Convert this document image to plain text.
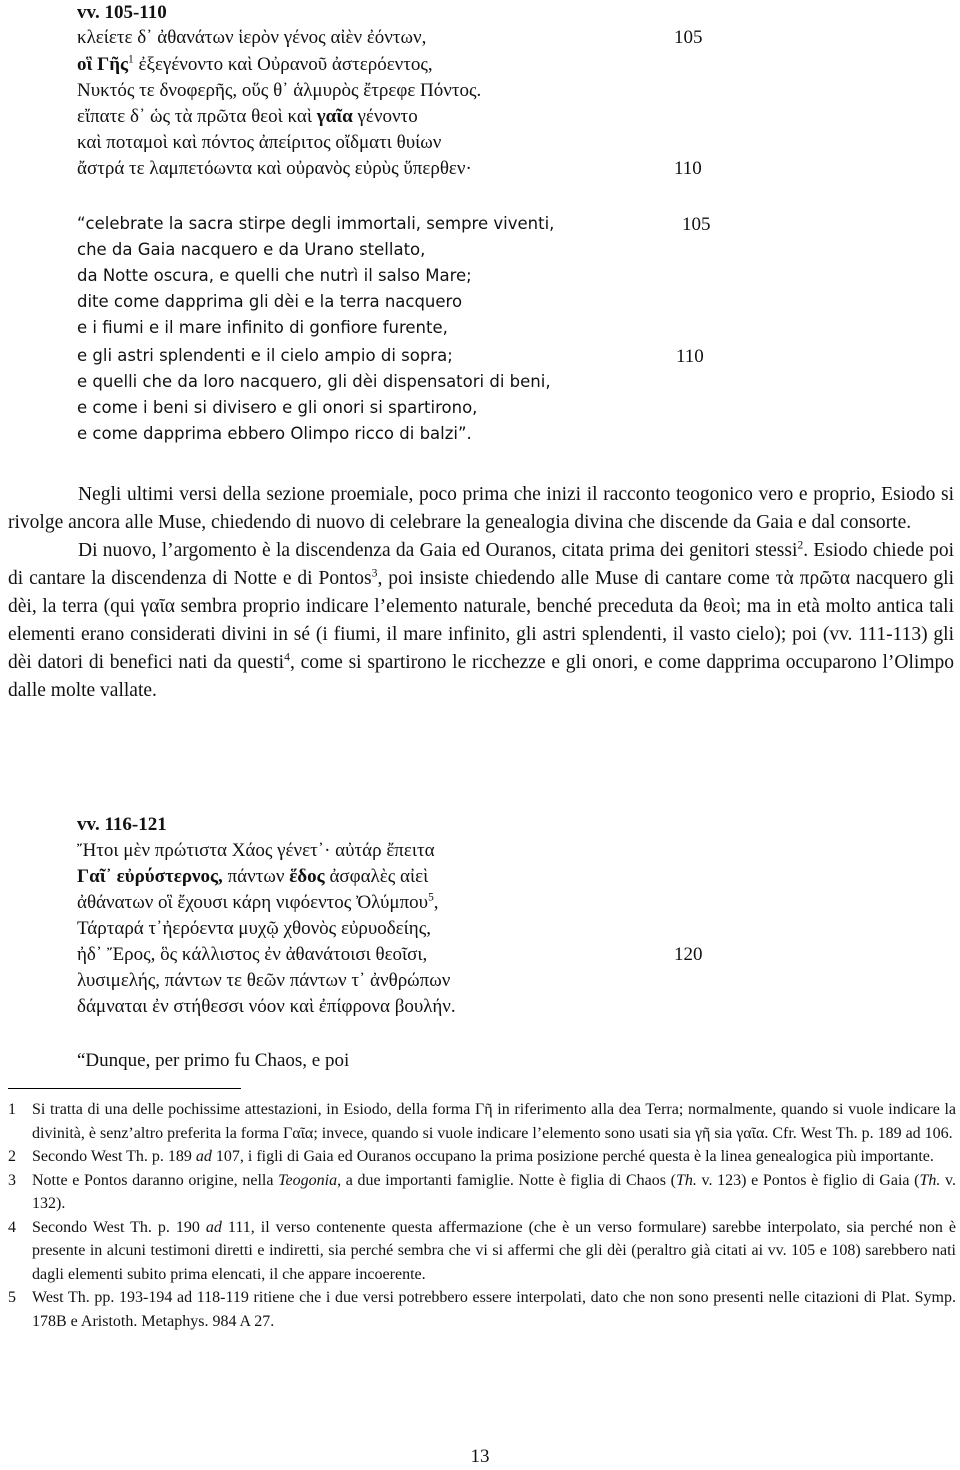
vv. 105-110
κλείετε δ᾽ ἀθανάτων ἱερὸν γένος αἰὲν ἐόντων,
οἳ Γῆς$^1$ ἐξεγένοντο καὶ Οὐρανοῦ ἀστερόεντος,
Νυκτός τε δνοφερῆς, οὕς θ᾽ ἁλμυρὸς ἔτρεφε Πόντος.
εἴπατε δ᾽ ὡς τὰ πρῶτα θεοὶ καὶ γαῖα γένοντο
καὶ ποταμοὶ καὶ πόντος ἀπείριτος οἴδματι θυίων
ἄστρά τε λαμπετόωντα καὶ οὐρανὸς εὐρὺς ὕπερθεν·
105
110
“celebrate la sacra stirpe degli immortali, sempre viventi,
che da Gaia nacquero e da Urano stellato,
da Notte oscura, e quelli che nutrì il salso Mare;
dite come dapprima gli dèi e la terra nacquero
e i fiumi e il mare infinito di gonfiore furente,
e gli astri splendenti e il cielo ampio di sopra;
e quelli che da loro nacquero, gli dèi dispensatori di beni,
e come i beni si divisero e gli onori si spartirono,
e come dapprima ebbero Olimpo ricco di balzi”.
105
110

Negli ultimi versi della sezione proemiale, poco prima che inizi il racconto teogonico vero e proprio, Esiodo si rivolge ancora alle Muse, chiedendo di nuovo di celebrare la genealogia divina che discende da Gaia e dal consorte.

Di nuovo, l’argomento è la discendenza da Gaia ed Ouranos, citata prima dei genitori stessi$^2$. Esiodo chiede poi di cantare la discendenza di Notte e di Pontos$^3$, poi insiste chiedendo alle Muse di cantare come τὰ πρῶτα nacquero gli dèi, la terra (qui γαῖα sembra proprio indicare l’elemento naturale, benché preceduta da θεοὶ; ma in età molto antica tali elementi erano considerati divini in sé (i fiumi, il mare infinito, gli astri splendenti, il vasto cielo); poi (vv. 111-113) gli dèi datori di benefici nati da questi$^4$, come si spartirono le ricchezze e gli onori, e come dapprima occuparono l’Olimpo dalle molte vallate.

vv. 116-121
Ἤτοι μὲν πρώτιστα Χάος γένετ᾽· αὐτάρ ἔπειτα
Γαῖ᾽ εὐρύστερνος, πάντων ἕδος ἀσφαλὲς αἰεὶ
ἀθάνατων οἳ ἔχουσι κάρη νιφόεντος Ὀλύμπου$^5$,
Τάρταρά τ᾽ἠερόεντα μυχῷ χθονὸς εὐρυοδείης,
ἠδ᾽ Ἔρος, ὃς κάλλιστος ἐν ἀθανάτοισι θεοῖσι,
λυσιμελής, πάντων τε θεῶν πάντων τ᾽ ἀνθρώπων
δάμναται ἐν στήθεσσι νόον καὶ ἐπίφρονα βουλήν.
120
“Dunque, per primo fu Chaos, e poi
1	Si tratta di una delle pochissime attestazioni, in Esiodo, della forma Γῆ in riferimento alla dea Terra; normalmente, quando si vuole indicare la divinità, è senz’altro preferita la forma Γαῖα; invece, quando si vuole indicare l’elemento sono usati sia γῆ sia γαῖα. Cfr. West Th. p. 189 ad 106.
2	Secondo West Th. p. 189 ad 107, i figli di Gaia ed Ouranos occupano la prima posizione perché questa è la linea genealogica più importante.
3	Notte e Pontos daranno origine, nella Teogonia, a due importanti famiglie. Notte è figlia di Chaos (Th. v. 123) e Pontos è figlio di Gaia (Th. v. 132).
4	Secondo West Th. p. 190 ad 111, il verso contenente questa affermazione (che è un verso formulare) sarebbe interpolato, sia perché non è presente in alcuni testimoni diretti e indiretti, sia perché sembra che vi si affermi che gli dèi (peraltro già citati ai vv. 105 e 108) sarebbero nati dagli elementi subito prima elencati, il che appare incoerente.
5	West Th. pp. 193-194 ad 118-119 ritiene che i due versi potrebbero essere interpolati, dato che non sono presenti nelle citazioni di Plat. Symp. 178B e Aristoth. Metaphys. 984 A 27.
13
